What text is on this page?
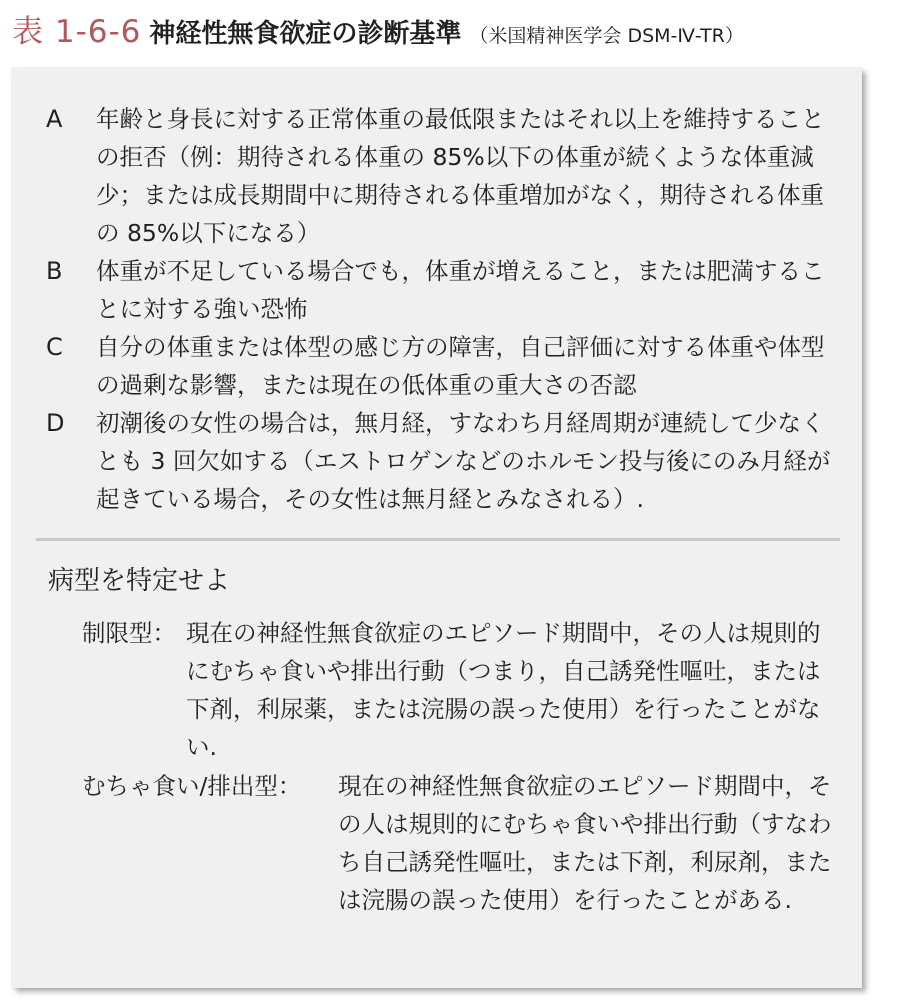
表 1-6-6 神経性無食欲症の診断基準 （米国精神医学会 DSM-Ⅳ-TR）
A	年齢と身長に対する正常体重の最低限またはそれ以上を維持することの拒否（例：期待される体重の 85%以下の体重が続くような体重減少；または成長期間中に期待される体重増加がなく，期待される体重の 85%以下になる）
B	体重が不足している場合でも，体重が増えること，または肥満することに対する強い恐怖
C	自分の体重または体型の感じ方の障害，自己評価に対する体重や体型の過剰な影響，または現在の低体重の重大さの否認
D	初潮後の女性の場合は，無月経，すなわち月経周期が連続して少なくとも 3 回欠如する（エストロゲンなどのホルモン投与後にのみ月経が起きている場合，その女性は無月経とみなされる）.
病型を特定せよ
制限型： 現在の神経性無食欲症のエピソード期間中，その人は規則的にむちゃ食いや排出行動（つまり，自己誘発性嘔吐，または下剤，利尿薬，または浣腸の誤った使用）を行ったことがない.
むちゃ食い/排出型：	現在の神経性無食欲症のエピソード期間中，その人は規則的にむちゃ食いや排出行動（すなわち自己誘発性嘔吐，または下剤，利尿剤，または浣腸の誤った使用）を行ったことがある.
